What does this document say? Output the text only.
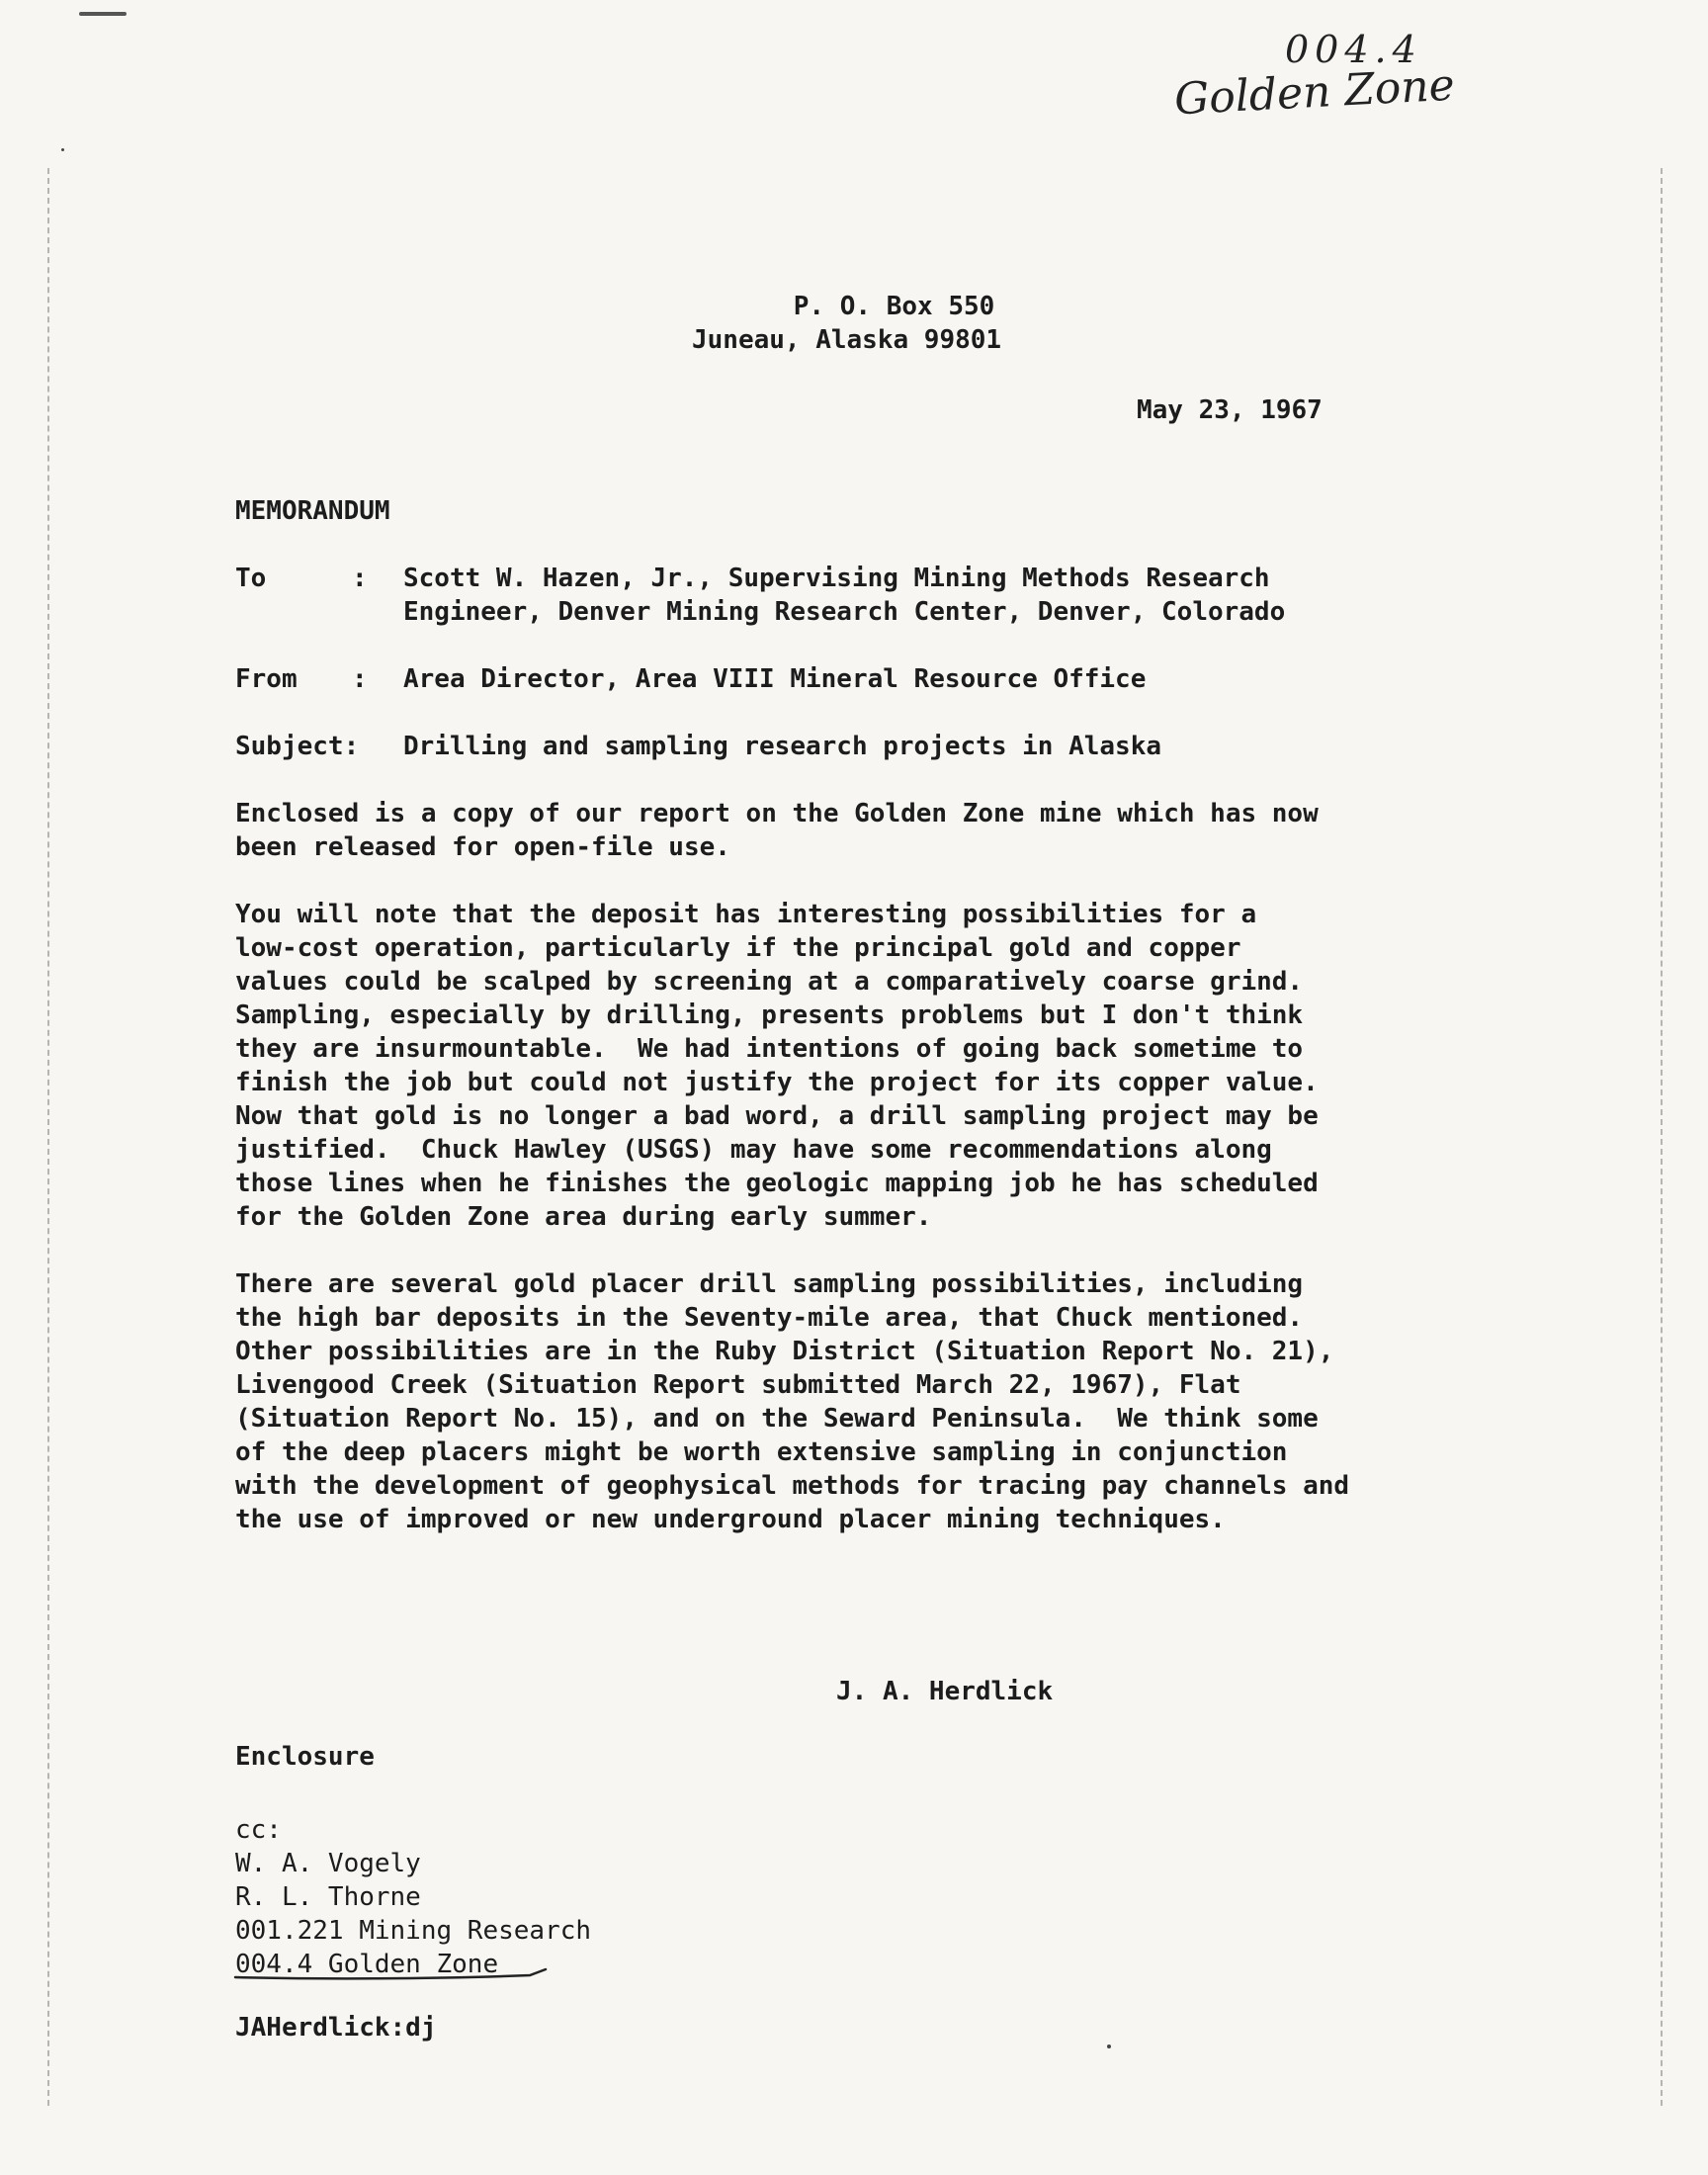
004.4
Golden Zone
P. O. Box 550
Juneau, Alaska 99801
May 23, 1967
MEMORANDUM
To	: Scott W. Hazen, Jr., Supervising Mining Methods Research
Engineer, Denver Mining Research Center, Denver, Colorado
From : Area Director, Area VIII Mineral Resource Office
Subject: Drilling and sampling research projects in Alaska
Enclosed is a copy of our report on the Golden Zone mine which has now
been released for open-file use.
You will note that the deposit has interesting possibilities for a
low-cost operation, particularly if the principal gold and copper
values could be scalped by screening at a comparatively coarse grind.
Sampling, especially by drilling, presents problems but I don't think
they are insurmountable.  We had intentions of going back sometime to
finish the job but could not justify the project for its copper value.
Now that gold is no longer a bad word, a drill sampling project may be
justified.  Chuck Hawley (USGS) may have some recommendations along
those lines when he finishes the geologic mapping job he has scheduled
for the Golden Zone area during early summer.
There are several gold placer drill sampling possibilities, including
the high bar deposits in the Seventy-mile area, that Chuck mentioned.
Other possibilities are in the Ruby District (Situation Report No. 21),
Livengood Creek (Situation Report submitted March 22, 1967), Flat
(Situation Report No. 15), and on the Seward Peninsula.  We think some
of the deep placers might be worth extensive sampling in conjunction
with the development of geophysical methods for tracing pay channels and
the use of improved or new underground placer mining techniques.
J. A. Herdlick
Enclosure
cc:
W. A. Vogely
R. L. Thorne
001.221 Mining Research
004.4 Golden Zone
JAHerdlick:dj
